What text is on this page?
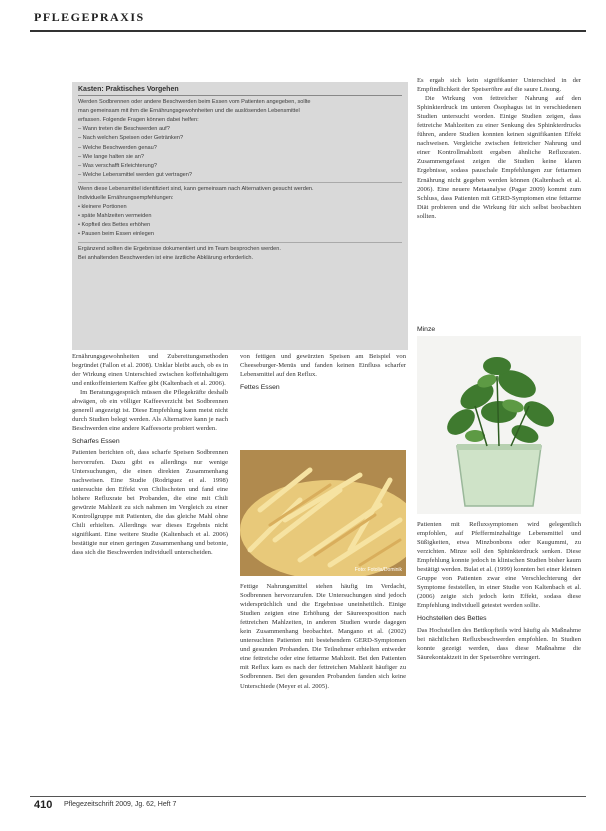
PFLEGEPRAXIS
Kasten: Praktisches Vorgehen

Werden Sodbrennen oder andere Beschwerden beim Essen vom Patienten angegeben, sollte

man gemeinsam mit ihm die Ernährungsgewohnheiten und die auslösenden Lebensmittel

erfassen. Folgende Fragen können dabei helfen:

– Wann treten die Beschwerden auf?

– Nach welchen Speisen oder Getränken?

– Welche Beschwerden genau?

– Wie lange halten sie an?

– Was verschafft Erleichterung?

– Welche Lebensmittel werden gut vertragen?

Wenn diese Lebensmittel identifiziert sind, kann gemeinsam nach Alternativen gesucht werden.

Individuelle Ernährungsempfehlungen:

• kleinere Portionen

• späte Mahlzeiten vermeiden

• Kopfteil des Bettes erhöhen

• Pausen beim Essen einlegen

Ergänzend sollten die Ergebnisse dokumentiert und im Team besprochen werden.

Bei anhaltenden Beschwerden ist eine ärztliche Abklärung erforderlich.

Ernährungsgewohnheiten und Zubereitungsmethoden begründet (Fallon et al. 2008). Unklar bleibt auch, ob es in der Wirkung einen Unterschied zwischen koffeinhaltigem und entkoffeiniertem Kaffee gibt (Kaltenbach et al. 2006).

Im Beratungsgespräch müssen die Pflegekräfte deshalb abwägen, ob ein völliger Kaffeeverzicht bei Sodbrennen generell angezeigt ist. Diese Empfehlung kann meist nicht durch Studien belegt werden. Als Alternative kann je nach Beschwerden eine andere Kaffeesorte probiert werden.

Scharfes Essen

Patienten berichten oft, dass scharfe Speisen Sodbrennen hervorrufen. Dazu gibt es allerdings nur wenige Untersuchungen, die einen direkten Zusammenhang nachweisen. Eine Studie (Rodriguez et al. 1998) untersuchte den Effekt von Chilischoten und fand eine höhere Refluxrate bei Probanden, die eine mit Chili gewürzte Mahlzeit zu sich nahmen im Vergleich zu einer Kontrollgruppe mit Patienten, die das gleiche Mahl ohne Chili erhielten. Allerdings war dieses Ergebnis nicht signifikant. Eine weitere Studie (Kaltenbach et al. 2006) bestätigte nur einen geringen Zusammenhang und betonte, dass sich die Beschwerden individuell unterscheiden.

von fettigen und gewürzten Speisen am Beispiel von Cheeseburger-Menüs und fanden keinen Einfluss scharfer Lebensmittel auf den Reflux.

Fettes Essen
Foto: Fotolia/Dominik

Fettige Nahrungsmittel stehen häufig im Verdacht, Sodbrennen hervorzurufen. Die Untersuchungen sind jedoch widersprüchlich und die Ergebnisse uneinheitlich. Einige Studien zeigten eine Erhöhung der Säureexposition nach fettreichen Mahlzeiten, in anderen Studien wurde dagegen kein Zusammenhang beobachtet. Mangano et al. (2002) untersuchten Patienten mit bestehendem GERD-Symptomen und gesunden Probanden. Die Teilnehmer erhielten entweder eine fettreiche oder eine fettarme Mahlzeit. Bei den Patienten mit Reflux kam es nach der fettreichen Mahlzeit häufiger zu Sodbrennen. Bei den gesunden Probanden fanden sich keine Unterschiede (Meyer et al. 2005).

Es ergab sich kein signifikanter Unterschied in der Empfindlichkeit der Speiseröhre auf die saure Lösung.

Die Wirkung von fettreicher Nahrung auf den Sphinkterdruck im unteren Ösophagus ist in verschiedenen Studien untersucht worden. Einige Studien zeigen, dass fettreiche Mahlzeiten zu einer Senkung des Sphinkterdrucks führen, andere Studien konnten keinen signifikanten Effekt nachweisen. Vergleiche zwischen fettreicher Nahrung und einer Kontrollmahlzeit ergaben ähnliche Refluxraten. Zusammengefasst zeigen die Studien keine klaren Ergebnisse, sodass pauschale Empfehlungen zur fettarmen Ernährung nicht gegeben werden können (Kaltenbach et al. 2006). Eine neuere Metaanalyse (Pagar 2009) kommt zum Schluss, dass Patienten mit GERD-Symptomen eine fettarme Diät probieren und die Wirkung für sich selbst beobachten sollten.

Minze

Patienten mit Refluxsymptomen wird gelegentlich empfohlen, auf Pfefferminzhaltige Lebensmittel und Süßigkeiten, etwa Minzbonbons oder Kaugummi, zu verzichten. Minze soll den Sphinkterdruck senken. Diese Empfehlung konnte jedoch in klinischen Studien bisher kaum bestätigt werden. Bulat et al. (1999) konnten bei einer kleinen Gruppe von Patienten zwar eine Verschlechterung der Symptome feststellen, in einer Studie von Kaltenbach et al. (2006) zeigte sich jedoch kein Effekt, sodass diese Empfehlung individuell getestet werden sollte.

Hochstellen des Bettes

Das Hochstellen des Bettkopfteils wird häufig als Maßnahme bei nächtlichen Refluxbeschwerden empfohlen. In Studien konnte gezeigt werden, dass diese Maßnahme die Säurekontaktzeit in der Speiseröhre verringert.

410 Pflegezeitschrift 2009, Jg. 62, Heft 7
